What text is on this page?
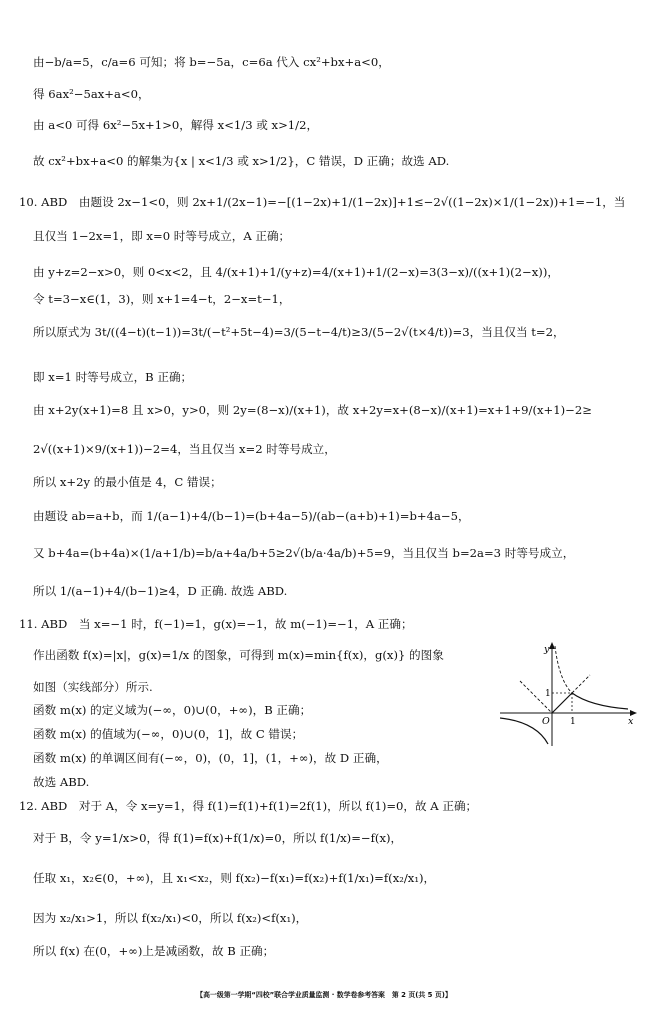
由−b/a=5，c/a=6 可知；将 b=−5a，c=6a 代入 cx²+bx+a<0，
得 6ax²−5ax+a<0，
由 a<0 可得 6x²−5x+1>0，解得 x<1/3 或 x>1/2，
故 cx²+bx+a<0 的解集为{x | x<1/3 或 x>1/2}，C 错误，D 正确；故选 AD.
10. ABD　由题设 2x−1<0，则 2x+1/(2x−1)=−[(1−2x)+1/(1−2x)]+1≤−2√((1−2x)×1/(1−2x))+1=−1，当
且仅当 1−2x=1，即 x=0 时等号成立，A 正确；
由 y+z=2−x>0，则 0<x<2，且 4/(x+1)+1/(y+z)=4/(x+1)+1/(2−x)=3(3−x)/((x+1)(2−x))，
令 t=3−x∈(1，3)，则 x+1=4−t，2−x=t−1，
所以原式为 3t/((4−t)(t−1))=3t/(−t²+5t−4)=3/(5−t−4/t)≥3/(5−2√(t×4/t))=3，当且仅当 t=2，
即 x=1 时等号成立，B 正确；
由 x+2y(x+1)=8 且 x>0，y>0，则 2y=(8−x)/(x+1)，故 x+2y=x+(8−x)/(x+1)=x+1+9/(x+1)−2≥
2√((x+1)×9/(x+1))−2=4，当且仅当 x=2 时等号成立，
所以 x+2y 的最小值是 4，C 错误；
由题设 ab=a+b，而 1/(a−1)+4/(b−1)=(b+4a−5)/(ab−(a+b)+1)=b+4a−5，
又 b+4a=(b+4a)×(1/a+1/b)=b/a+4a/b+5≥2√(b/a·4a/b)+5=9，当且仅当 b=2a=3 时等号成立，
所以 1/(a−1)+4/(b−1)≥4，D 正确. 故选 ABD.
11. ABD　当 x=−1 时，f(−1)=1，g(x)=−1，故 m(−1)=−1，A 正确；
作出函数 f(x)=|x|，g(x)=1/x 的图象，可得到 m(x)=min{f(x)，g(x)} 的图象
如图（实线部分）所示.
函数 m(x) 的定义域为(−∞，0)∪(0，+∞)，B 正确；
函数 m(x) 的值域为(−∞，0)∪(0，1]，故 C 错误；
函数 m(x) 的单调区间有(−∞，0)，(0，1]，(1，+∞)，故 D 正确，
故选 ABD.
12. ABD　对于 A，令 x=y=1，得 f(1)=f(1)+f(1)=2f(1)，所以 f(1)=0，故 A 正确；
对于 B，令 y=1/x>0，得 f(1)=f(x)+f(1/x)=0，所以 f(1/x)=−f(x)，
任取 x₁，x₂∈(0，+∞)，且 x₁<x₂，则 f(x₂)−f(x₁)=f(x₂)+f(1/x₁)=f(x₂/x₁)，
因为 x₂/x₁>1，所以 f(x₂/x₁)<0，所以 f(x₂)<f(x₁)，
所以 f(x) 在(0，+∞)上是减函数，故 B 正确；
y
x
O 1
1
【高一级第一学期“四校”联合学业质量监测 · 数学卷参考答案　第 2 页(共 5 页)】
